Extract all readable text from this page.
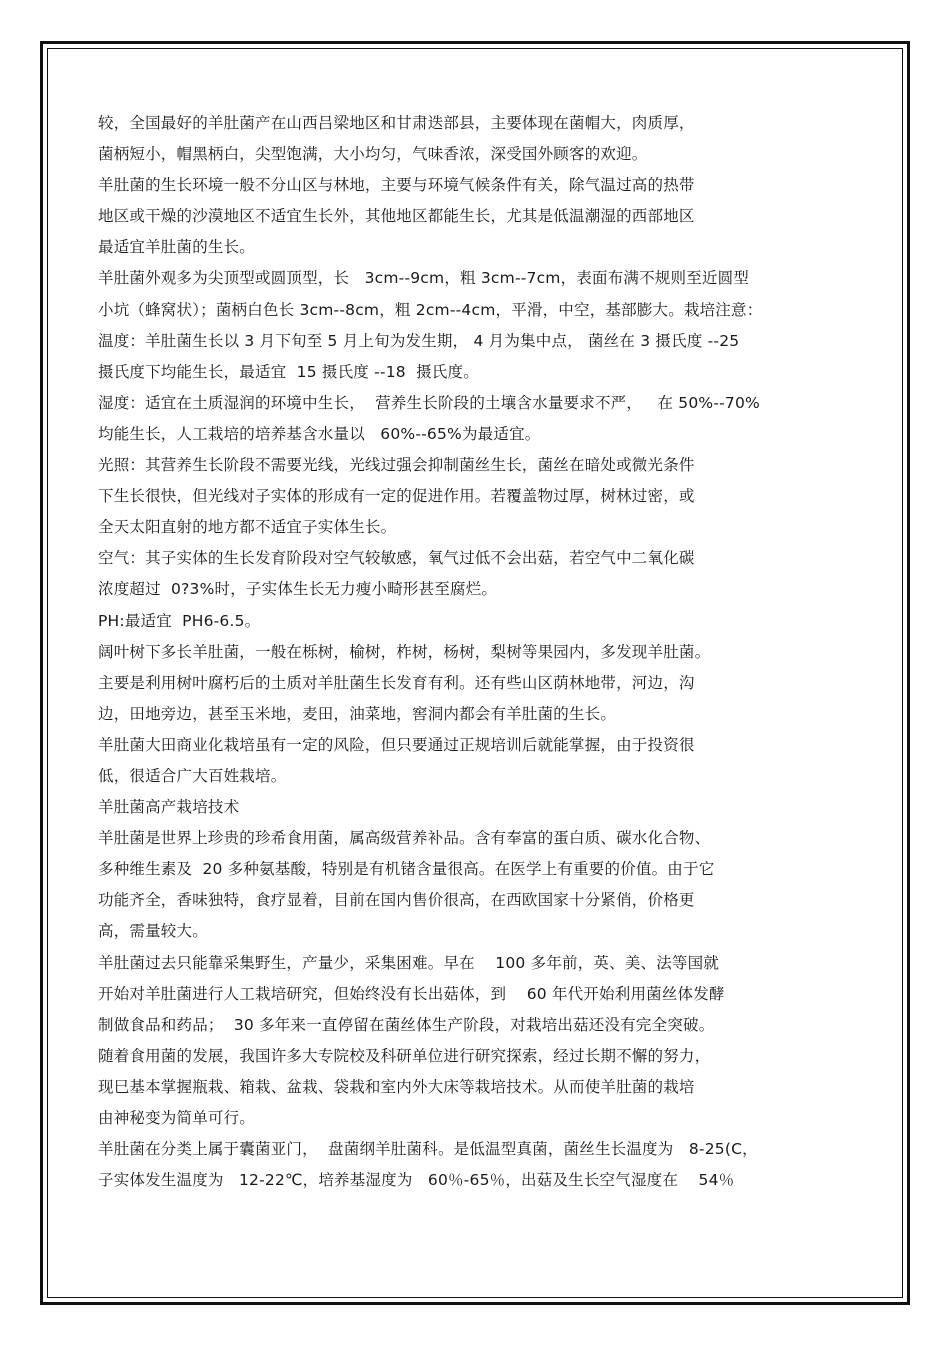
较，全国最好的羊肚菌产在山西吕梁地区和甘肃迭部县，主要体现在菌帽大，肉质厚，
菌柄短小，帽黑柄白，尖型饱满，大小均匀，气味香浓，深受国外顾客的欢迎。
羊肚菌的生长环境一般不分山区与林地，主要与环境气候条件有关，除气温过高的热带
地区或干燥的沙漠地区不适宜生长外，其他地区都能生长，尤其是低温潮湿的西部地区
最适宜羊肚菌的生长。
羊肚菌外观多为尖顶型或圆顶型，长   3cm--9cm，粗 3cm--7cm，表面布满不规则至近圆型
小坑（蜂窝状）；菌柄白色长 3cm--8cm，粗 2cm--4cm，平滑，中空，基部膨大。栽培注意：
温度：羊肚菌生长以 3 月下旬至 5 月上旬为发生期， 4 月为集中点， 菌丝在 3 摄氏度 --25
摄氏度下均能生长，最适宜  15 摄氏度 --18  摄氏度。
湿度：适宜在土质湿润的环境中生长，  营养生长阶段的土壤含水量要求不严，   在 50%--70%
均能生长，人工栽培的培养基含水量以   60%--65%为最适宜。
光照：其营养生长阶段不需要光线，光线过强会抑制菌丝生长，菌丝在暗处或微光条件
下生长很快，但光线对子实体的形成有一定的促进作用。若覆盖物过厚，树林过密，或
全天太阳直射的地方都不适宜子实体生长。
空气：其子实体的生长发育阶段对空气较敏感，氧气过低不会出菇，若空气中二氧化碳
浓度超过  0?3%时，子实体生长无力瘦小畸形甚至腐烂。
PH:最适宜  PH6-6.5。
阔叶树下多长羊肚菌，一般在栎树，榆树，柞树，杨树，梨树等果园内，多发现羊肚菌。
主要是利用树叶腐朽后的土质对羊肚菌生长发育有利。还有些山区荫林地带，河边，沟
边，田地旁边，甚至玉米地，麦田，油菜地，窖洞内都会有羊肚菌的生长。
羊肚菌大田商业化栽培虽有一定的风险，但只要通过正规培训后就能掌握，由于投资很
低，很适合广大百姓栽培。
羊肚菌高产栽培技术
羊肚菌是世界上珍贵的珍希食用菌，属高级营养补品。含有奉富的蛋白质、碳水化合物、
多种维生素及  20 多种氨基酸，特别是有机锗含量很高。在医学上有重要的价值。由于它
功能齐全，香味独特，食疗显着，目前在国内售价很高，在西欧国家十分紧俏，价格更
高，需量较大。
羊肚菌过去只能靠采集野生，产量少，采集困难。早在    100 多年前，英、美、法等国就
开始对羊肚菌进行人工栽培研究，但始终没有长出菇体，到    60 年代开始利用菌丝体发酵
制做食品和药品；  30 多年来一直停留在菌丝体生产阶段，对栽培出菇还没有完全突破。
随着食用菌的发展，我国许多大专院校及科研单位进行研究探索，经过长期不懈的努力，
现巳基本掌握瓶栽、箱栽、盆栽、袋栽和室内外大床等栽培技术。从而使羊肚菌的栽培
由神秘变为简单可行。
羊肚菌在分类上属于囊菌亚门，  盘菌纲羊肚菌科。是低温型真菌，菌丝生长温度为   8-25(C，
子实体发生温度为   12-22℃，培养基湿度为   60％-65％，出菇及生长空气湿度在    54％
